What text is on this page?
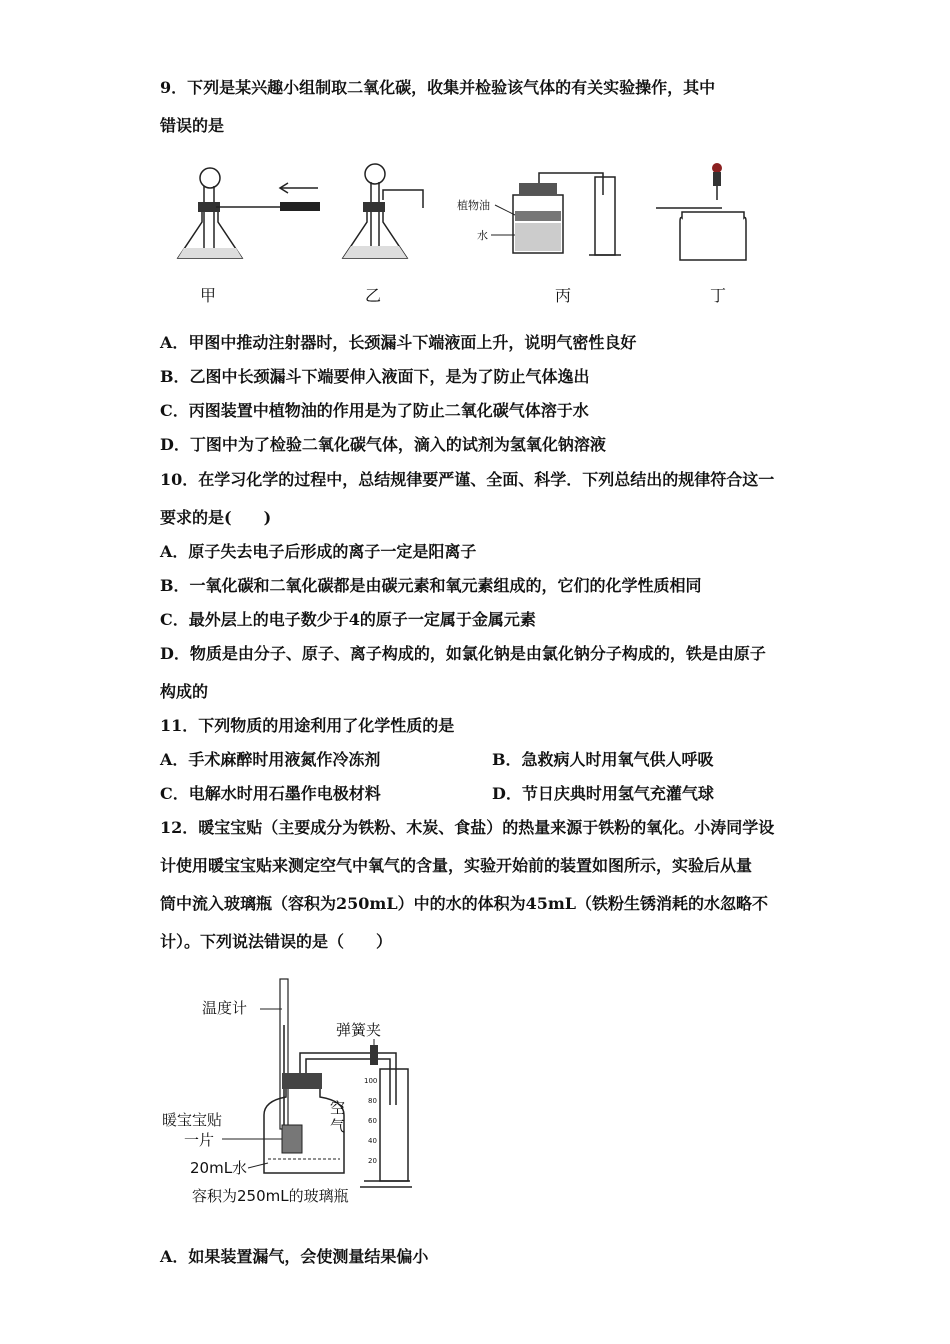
9．下列是某兴趣小组制取二氧化碳，收集并检验该气体的有关实验操作，其中
错误的是
甲	乙
植物油
水
丙	丁
A．甲图中推动注射器时，长颈漏斗下端液面上升，说明气密性良好
B．乙图中长颈漏斗下端要伸入液面下，是为了防止气体逸出
C．丙图装置中植物油的作用是为了防止二氧化碳气体溶于水
D．丁图中为了检验二氧化碳气体，滴入的试剂为氢氧化钠溶液
10．在学习化学的过程中，总结规律要严谨、全面、科学．下列总结出的规律符合这一
要求的是(　　)
A．原子失去电子后形成的离子一定是阳离子
B．一氧化碳和二氧化碳都是由碳元素和氧元素组成的，它们的化学性质相同
C．最外层上的电子数少于4的原子一定属于金属元素
D．物质是由分子、原子、离子构成的，如氯化钠是由氯化钠分子构成的，铁是由原子
构成的
11．下列物质的用途利用了化学性质的是
A．手术麻醉时用液氮作冷冻剂	B．急救病人时用氧气供人呼吸
C．电解水时用石墨作电极材料	D．节日庆典时用氢气充灌气球
12．暖宝宝贴（主要成分为铁粉、木炭、食盐）的热量来源于铁粉的氧化。小涛同学设
计使用暖宝宝贴来测定空气中氧气的含量，实验开始前的装置如图所示，实验后从量
筒中流入玻璃瓶（容积为250mL）中的水的体积为45mL（铁粉生锈消耗的水忽略不
计）。下列说法错误的是（　　）
温度计
弹簧夹
100
80
60
40
20
暖宝宝贴
一片
空
气
20mL水
容积为250mL的玻璃瓶
A．如果装置漏气，会使测量结果偏小
